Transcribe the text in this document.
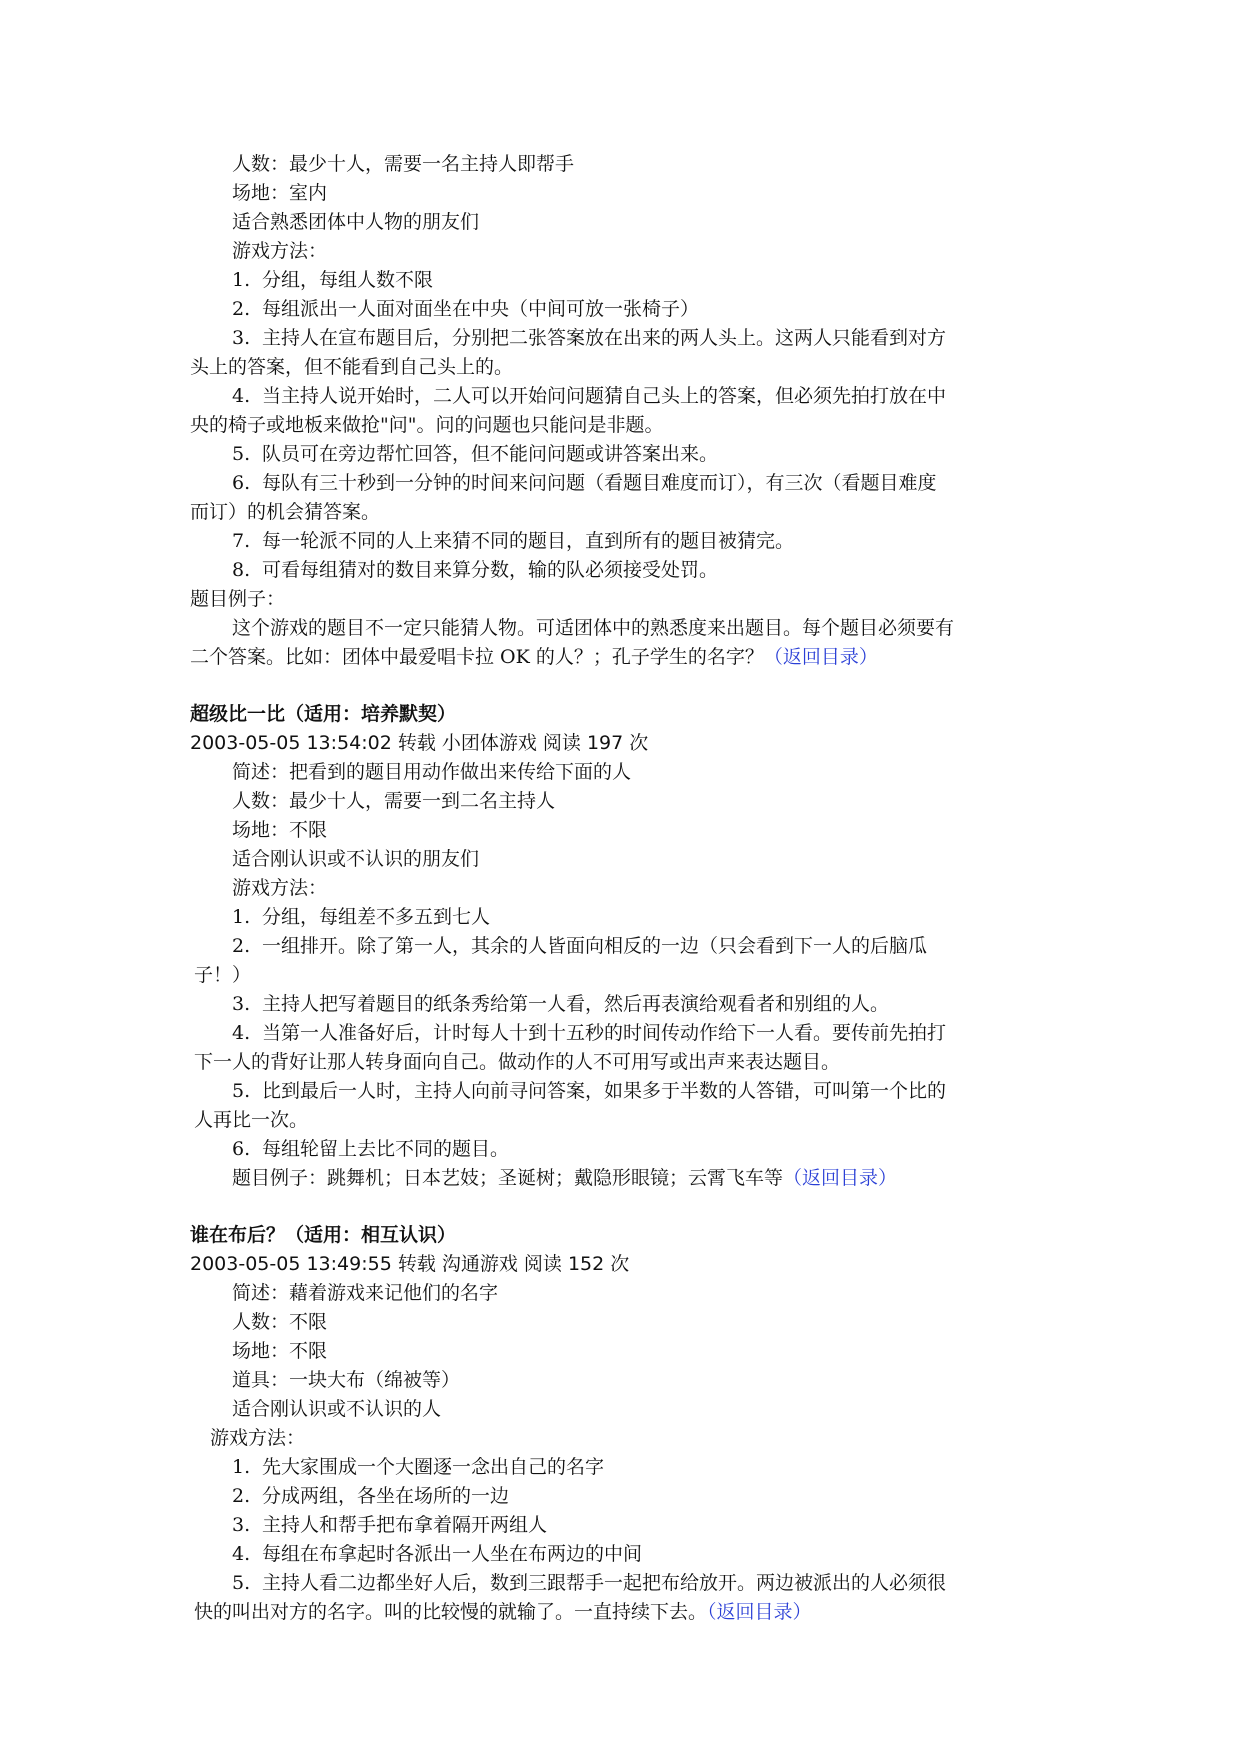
人数：最少十人，需要一名主持人即帮手

场地：室内

适合熟悉团体中人物的朋友们

游戏方法：

1. 分组，每组人数不限

2. 每组派出一人面对面坐在中央（中间可放一张椅子）

3. 主持人在宣布题目后，分别把二张答案放在出来的两人头上。这两人只能看到对方

头上的答案，但不能看到自己头上的。

4. 当主持人说开始时，二人可以开始问问题猜自己头上的答案，但必须先拍打放在中

央的椅子或地板来做抢"问"。问的问题也只能问是非题。

5. 队员可在旁边帮忙回答，但不能问问题或讲答案出来。

6. 每队有三十秒到一分钟的时间来问问题（看题目难度而订），有三次（看题目难度

而订）的机会猜答案。

7. 每一轮派不同的人上来猜不同的题目，直到所有的题目被猜完。

8. 可看每组猜对的数目来算分数，输的队必须接受处罚。

题目例子：

这个游戏的题目不一定只能猜人物。可适团体中的熟悉度来出题目。每个题目必须要有

二个答案。比如：团体中最爱唱卡拉 OK 的人？；孔子学生的名字？（返回目录）

超级比一比（适用：培养默契）

2003-05-05 13:54:02 转载 小团体游戏 阅读 197 次

简述：把看到的题目用动作做出来传给下面的人

人数：最少十人，需要一到二名主持人

场地：不限

适合刚认识或不认识的朋友们

游戏方法：

1. 分组，每组差不多五到七人

2. 一组排开。除了第一人，其余的人皆面向相反的一边（只会看到下一人的后脑瓜

子！）

3. 主持人把写着题目的纸条秀给第一人看，然后再表演给观看者和别组的人。

4. 当第一人准备好后，计时每人十到十五秒的时间传动作给下一人看。要传前先拍打

下一人的背好让那人转身面向自己。做动作的人不可用写或出声来表达题目。

5. 比到最后一人时，主持人向前寻问答案，如果多于半数的人答错，可叫第一个比的

人再比一次。

6. 每组轮留上去比不同的题目。

题目例子：跳舞机；日本艺妓；圣诞树；戴隐形眼镜；云霄飞车等（返回目录）

谁在布后？（适用：相互认识）

2003-05-05 13:49:55 转载 沟通游戏 阅读 152 次

简述：藉着游戏来记他们的名字

人数：不限

场地：不限

道具：一块大布（绵被等）

适合刚认识或不认识的人

游戏方法：

1. 先大家围成一个大圈逐一念出自己的名字

2. 分成两组，各坐在场所的一边

3. 主持人和帮手把布拿着隔开两组人

4. 每组在布拿起时各派出一人坐在布两边的中间

5. 主持人看二边都坐好人后，数到三跟帮手一起把布给放开。两边被派出的人必须很

快的叫出对方的名字。叫的比较慢的就输了。一直持续下去。（返回目录）
